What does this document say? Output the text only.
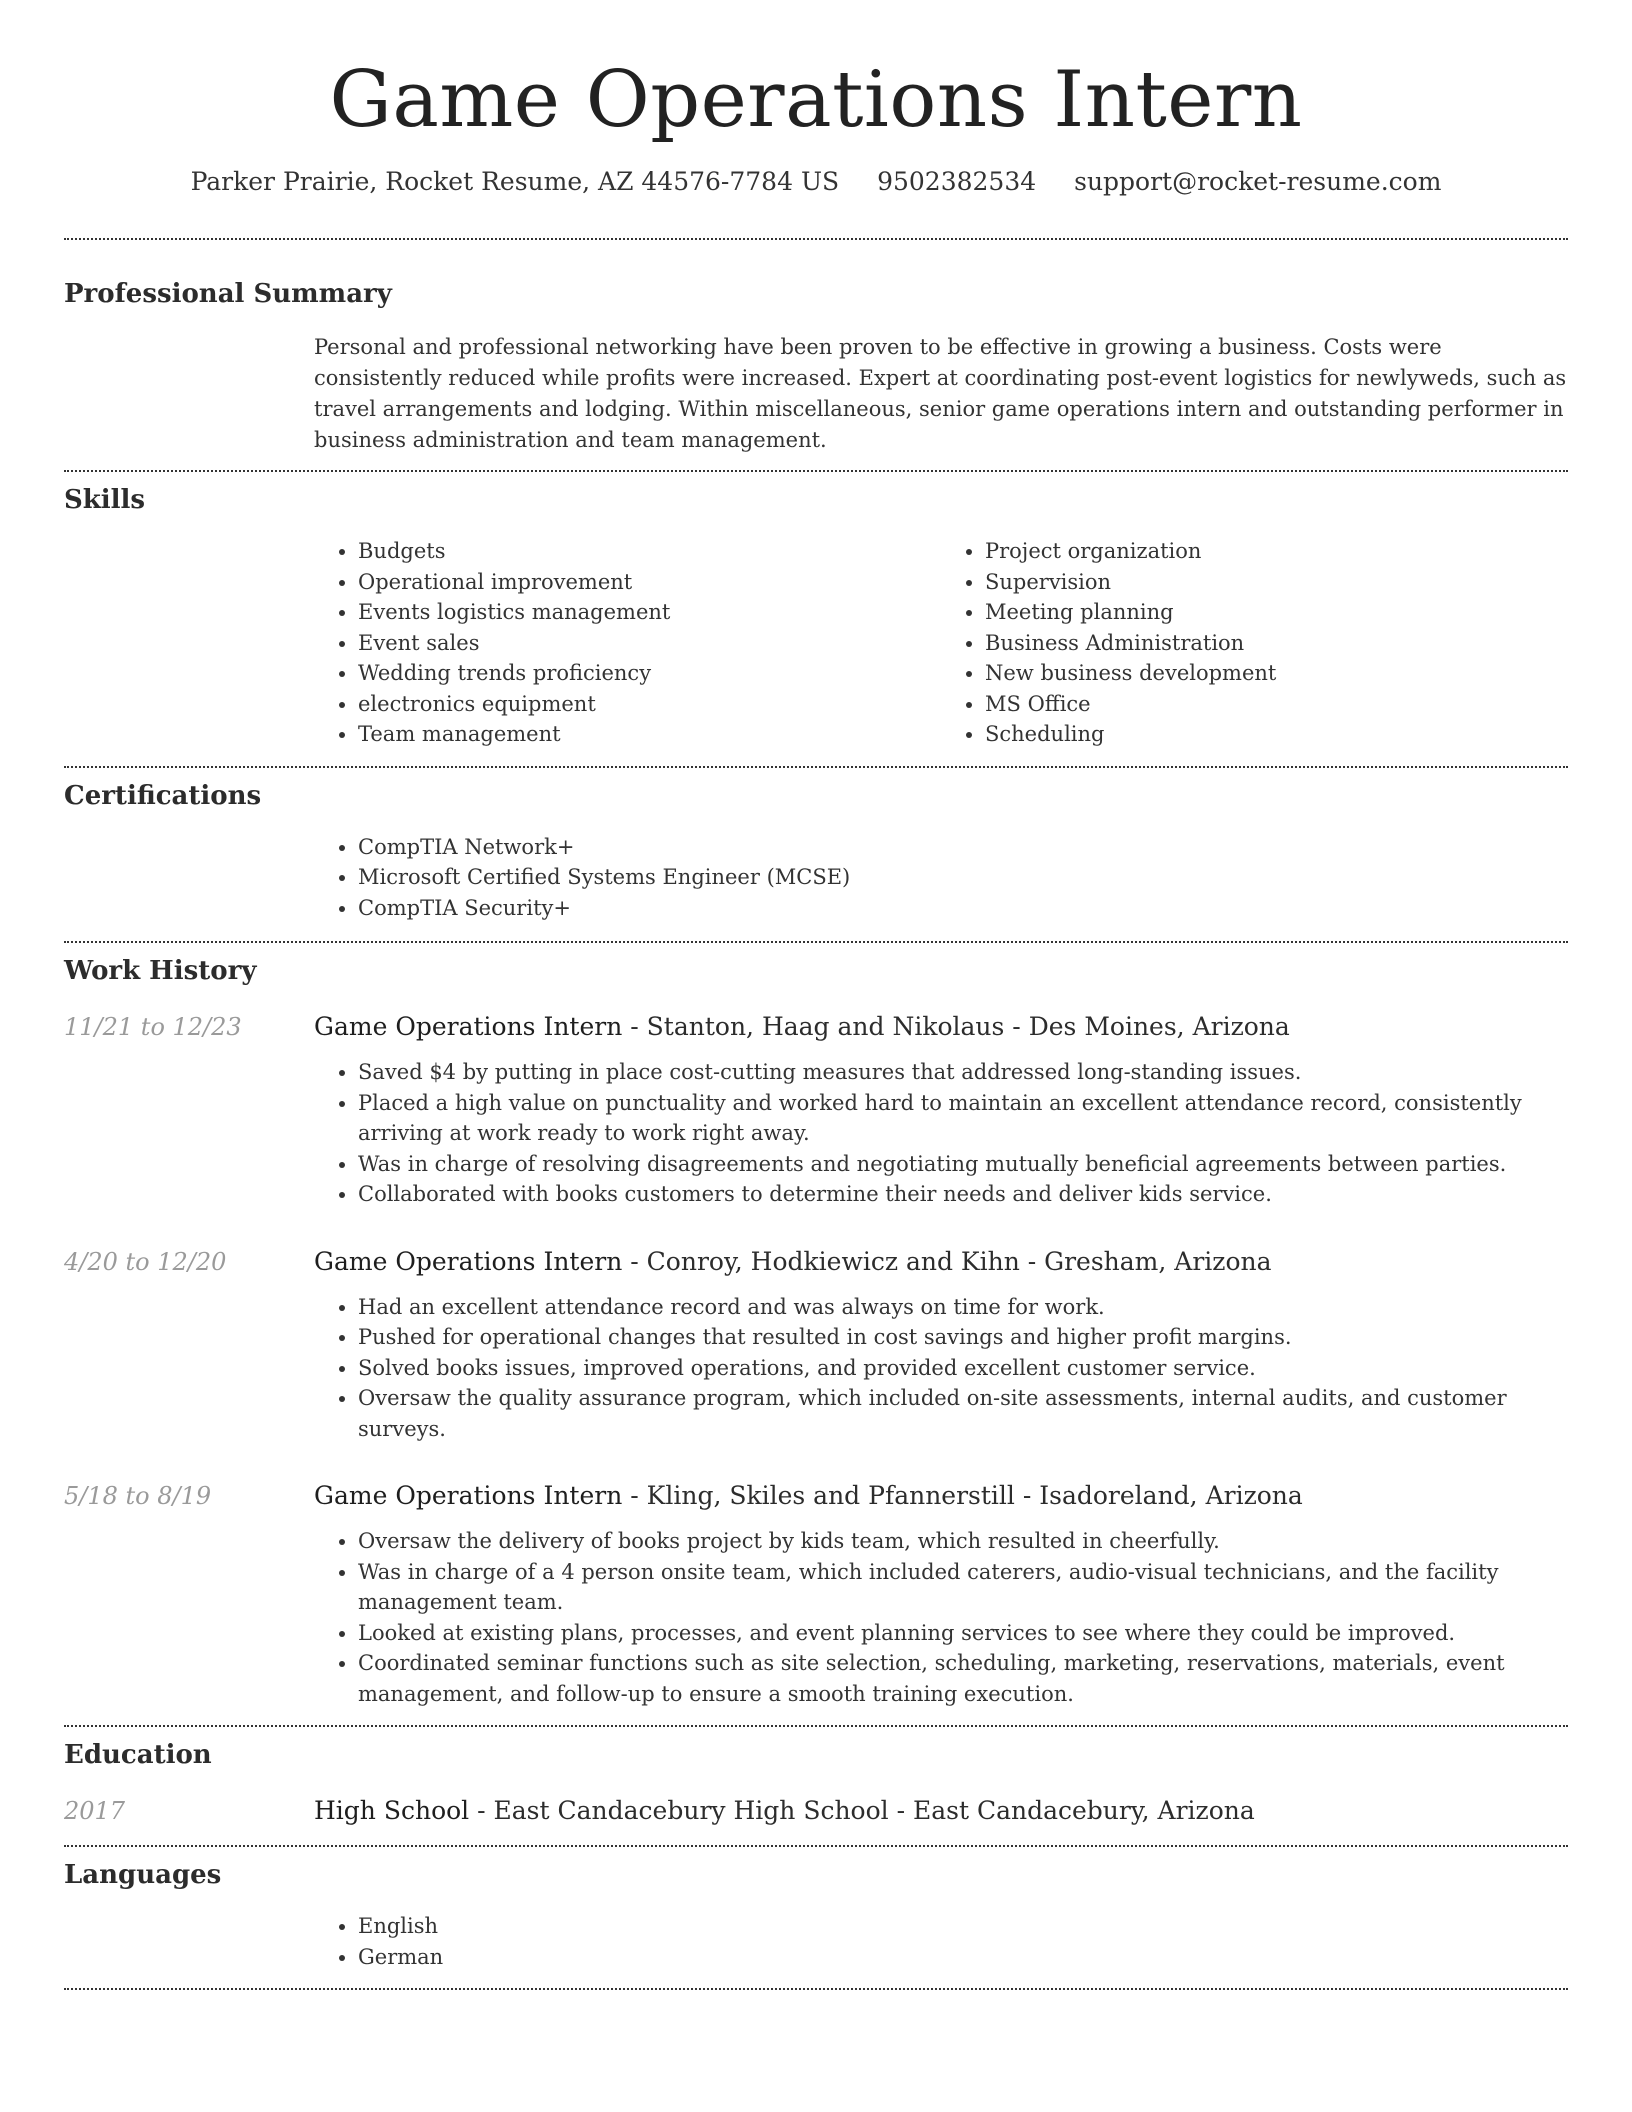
Game Operations Intern
Parker Prairie, Rocket Resume, AZ 44576-7784 US 9502382534 support@rocket-resume.com
Professional Summary

Personal and professional networking have been proven to be effective in growing a business. Costs were consistently reduced while profits were increased. Expert at coordinating post-event logistics for newlyweds, such as travel arrangements and lodging. Within miscellaneous, senior game operations intern and outstanding performer in business administration and team management.

Skills
• Budgets
• Operational improvement
• Events logistics management
• Event sales
• Wedding trends proficiency
• electronics equipment
• Team management
• Project organization
• Supervision
• Meeting planning
• Business Administration
• New business development
• MS Office
• Scheduling
Certifications
• CompTIA Network+
• Microsoft Certified Systems Engineer (MCSE)
• CompTIA Security+
Work History
11/21 to 12/23	Game Operations Intern - Stanton, Haag and Nikolaus - Des Moines, Arizona

• Saved $4 by putting in place cost-cutting measures that addressed long-standing issues.
• Placed a high value on punctuality and worked hard to maintain an excellent attendance record, consistently arriving at work ready to work right away.
• Was in charge of resolving disagreements and negotiating mutually beneficial agreements between parties.
• Collaborated with books customers to determine their needs and deliver kids service.
4/20 to 12/20	Game Operations Intern - Conroy, Hodkiewicz and Kihn - Gresham, Arizona

• Had an excellent attendance record and was always on time for work.
• Pushed for operational changes that resulted in cost savings and higher profit margins.
• Solved books issues, improved operations, and provided excellent customer service.
• Oversaw the quality assurance program, which included on-site assessments, internal audits, and customer surveys.
5/18 to 8/19	Game Operations Intern - Kling, Skiles and Pfannerstill - Isadoreland, Arizona

• Oversaw the delivery of books project by kids team, which resulted in cheerfully.
• Was in charge of a 4 person onsite team, which included caterers, audio-visual technicians, and the facility management team.
• Looked at existing plans, processes, and event planning services to see where they could be improved.
• Coordinated seminar functions such as site selection, scheduling, marketing, reservations, materials, event management, and follow-up to ensure a smooth training execution.
Education
2017	High School - East Candacebury High School - East Candacebury, Arizona

Languages
• English
• German
